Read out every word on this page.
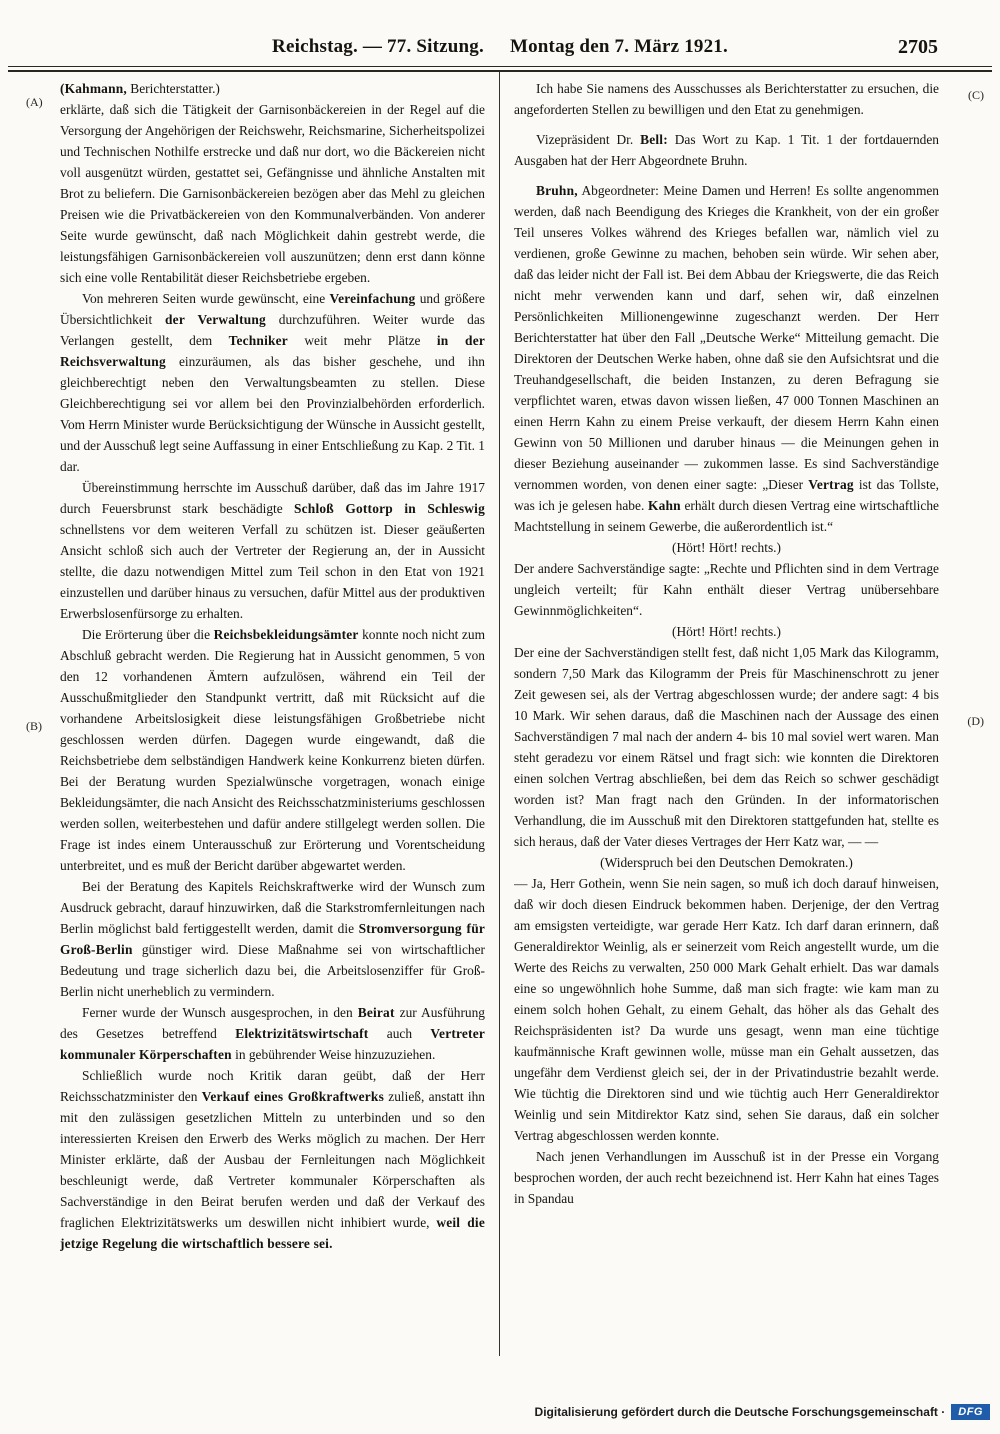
Reichstag. — 77. Sitzung. Montag den 7. März 1921.	2705

(Kahmann, Berichterstatter.)

erklärte, daß sich die Tätigkeit der Garnisonbäckereien in der Regel auf die Versorgung der Angehörigen der Reichswehr, Reichsmarine, Sicherheitspolizei und Technischen Nothilfe erstrecke und daß nur dort, wo die Bäckereien nicht voll ausgenützt würden, gestattet sei, Gefängnisse und ähnliche Anstalten mit Brot zu beliefern. Die Garnisonbäckereien bezögen aber das Mehl zu gleichen Preisen wie die Privatbäckereien von den Kommunalverbänden. Von anderer Seite wurde gewünscht, daß nach Möglichkeit dahin gestrebt werde, die leistungsfähigen Garnisonbäckereien voll auszunützen; denn erst dann könne sich eine volle Rentabilität dieser Reichsbetriebe ergeben.

Von mehreren Seiten wurde gewünscht, eine Vereinfachung und größere Übersichtlichkeit der Verwaltung durchzuführen. Weiter wurde das Verlangen gestellt, dem Techniker weit mehr Plätze in der Reichsverwaltung einzuräumen, als das bisher geschehe, und ihn gleichberechtigt neben den Verwaltungsbeamten zu stellen. Diese Gleichberechtigung sei vor allem bei den Provinzialbehörden erforderlich. Vom Herrn Minister wurde Berücksichtigung der Wünsche in Aussicht gestellt, und der Ausschuß legt seine Auffassung in einer Entschließung zu Kap. 2 Tit. 1 dar.

Übereinstimmung herrschte im Ausschuß darüber, daß das im Jahre 1917 durch Feuersbrunst stark beschädigte Schloß Gottorp in Schleswig schnellstens vor dem weiteren Verfall zu schützen ist. Dieser geäußerten Ansicht schloß sich auch der Vertreter der Regierung an, der in Aussicht stellte, die dazu notwendigen Mittel zum Teil schon in den Etat von 1921 einzustellen und darüber hinaus zu versuchen, dafür Mittel aus der produktiven Erwerbslosenfürsorge zu erhalten.

Die Erörterung über die Reichsbekleidungsämter konnte noch nicht zum Abschluß gebracht werden. Die Regierung hat in Aussicht genommen, 5 von den 12 vorhandenen Ämtern aufzulösen, während ein Teil der Ausschußmitglieder den Standpunkt vertritt, daß mit Rücksicht auf die vorhandene Arbeitslosigkeit diese leistungsfähigen Großbetriebe nicht geschlossen werden dürfen. Dagegen wurde eingewandt, daß die Reichsbetriebe dem selbständigen Handwerk keine Konkurrenz bieten dürfen. Bei der Beratung wurden Spezialwünsche vorgetragen, wonach einige Bekleidungsämter, die nach Ansicht des Reichsschatzministeriums geschlossen werden sollen, weiterbestehen und dafür andere stillgelegt werden sollen. Die Frage ist indes einem Unterausschuß zur Erörterung und Vorentscheidung unterbreitet, und es muß der Bericht darüber abgewartet werden.

Bei der Beratung des Kapitels Reichskraftwerke wird der Wunsch zum Ausdruck gebracht, darauf hinzuwirken, daß die Starkstromfernleitungen nach Berlin möglichst bald fertiggestellt werden, damit die Stromversorgung für Groß-Berlin günstiger wird. Diese Maßnahme sei von wirtschaftlicher Bedeutung und trage sicherlich dazu bei, die Arbeitslosenziffer für Groß-Berlin nicht unerheblich zu vermindern.

Ferner wurde der Wunsch ausgesprochen, in den Beirat zur Ausführung des Gesetzes betreffend Elektrizitätswirtschaft auch Vertreter kommunaler Körperschaften in gebührender Weise hinzuzuziehen.

Schließlich wurde noch Kritik daran geübt, daß der Herr Reichsschatzminister den Verkauf eines Großkraftwerks zuließ, anstatt ihn mit den zulässigen gesetzlichen Mitteln zu unterbinden und so den interessierten Kreisen den Erwerb des Werks möglich zu machen. Der Herr Minister erklärte, daß der Ausbau der Fernleitungen nach Möglichkeit beschleunigt werde, daß Vertreter kommunaler Körperschaften als Sachverständige in den Beirat berufen werden und daß der Verkauf des fraglichen Elektrizitätswerks um deswillen nicht inhibiert wurde, weil die jetzige Regelung die wirtschaftlich bessere sei.

Ich habe Sie namens des Ausschusses als Berichterstatter zu ersuchen, die angeforderten Stellen zu bewilligen und den Etat zu genehmigen.

Vizepräsident Dr. Bell: Das Wort zu Kap. 1 Tit. 1 der fortdauernden Ausgaben hat der Herr Abgeordnete Bruhn.

Bruhn, Abgeordneter: Meine Damen und Herren! Es sollte angenommen werden, daß nach Beendigung des Krieges die Krankheit, von der ein großer Teil unseres Volkes während des Krieges befallen war, nämlich viel zu verdienen, große Gewinne zu machen, behoben sein würde. Wir sehen aber, daß das leider nicht der Fall ist. Bei dem Abbau der Kriegswerte, die das Reich nicht mehr verwenden kann und darf, sehen wir, daß einzelnen Persönlichkeiten Millionengewinne zugeschanzt werden. Der Herr Berichterstatter hat über den Fall „Deutsche Werke“ Mitteilung gemacht. Die Direktoren der Deutschen Werke haben, ohne daß sie den Aufsichtsrat und die Treuhandgesellschaft, die beiden Instanzen, zu deren Befragung sie verpflichtet waren, etwas davon wissen ließen, 47 000 Tonnen Maschinen an einen Herrn Kahn zu einem Preise verkauft, der diesem Herrn Kahn einen Gewinn von 50 Millionen und daruber hinaus — die Meinungen gehen in dieser Beziehung auseinander — zukommen lasse. Es sind Sachverständige vernommen worden, von denen einer sagte: „Dieser Vertrag ist das Tollste, was ich je gelesen habe. Kahn erhält durch diesen Vertrag eine wirtschaftliche Machtstellung in seinem Gewerbe, die außerordentlich ist.“

(Hört! Hört! rechts.)

Der andere Sachverständige sagte: „Rechte und Pflichten sind in dem Vertrage ungleich verteilt; für Kahn enthält dieser Vertrag unübersehbare Gewinnmöglichkeiten“.

(Hört! Hört! rechts.)

Der eine der Sachverständigen stellt fest, daß nicht 1,05 Mark das Kilogramm, sondern 7,50 Mark das Kilogramm der Preis für Maschinenschrott zu jener Zeit gewesen sei, als der Vertrag abgeschlossen wurde; der andere sagt: 4 bis 10 Mark. Wir sehen daraus, daß die Maschinen nach der Aussage des einen Sachverständigen 7 mal nach der andern 4- bis 10 mal soviel wert waren. Man steht geradezu vor einem Rätsel und fragt sich: wie konnten die Direktoren einen solchen Vertrag abschließen, bei dem das Reich so schwer geschädigt worden ist? Man fragt nach den Gründen. In der informatorischen Verhandlung, die im Ausschuß mit den Direktoren stattgefunden hat, stellte es sich heraus, daß der Vater dieses Vertrages der Herr Katz war, — —

(Widerspruch bei den Deutschen Demokraten.)

— Ja, Herr Gothein, wenn Sie nein sagen, so muß ich doch darauf hinweisen, daß wir doch diesen Eindruck bekommen haben. Derjenige, der den Vertrag am emsigsten verteidigte, war gerade Herr Katz. Ich darf daran erinnern, daß Generaldirektor Weinlig, als er seinerzeit vom Reich angestellt wurde, um die Werte des Reichs zu verwalten, 250 000 Mark Gehalt erhielt. Das war damals eine so ungewöhnlich hohe Summe, daß man sich fragte: wie kam man zu einem solch hohen Gehalt, zu einem Gehalt, das höher als das Gehalt des Reichspräsidenten ist? Da wurde uns gesagt, wenn man eine tüchtige kaufmännische Kraft gewinnen wolle, müsse man ein Gehalt aussetzen, das ungefähr dem Verdienst gleich sei, der in der Privatindustrie bezahlt werde. Wie tüchtig die Direktoren sind und wie tüchtig auch Herr Generaldirektor Weinlig und sein Mitdirektor Katz sind, sehen Sie daraus, daß ein solcher Vertrag abgeschlossen werden konnte.

Nach jenen Verhandlungen im Ausschuß ist in der Presse ein Vorgang besprochen worden, der auch recht bezeichnend ist. Herr Kahn hat eines Tages in Spandau

(A)
(B)
(C)
(D)
Digitalisierung gefördert durch die Deutsche Forschungsgemeinschaft ·	DFG
